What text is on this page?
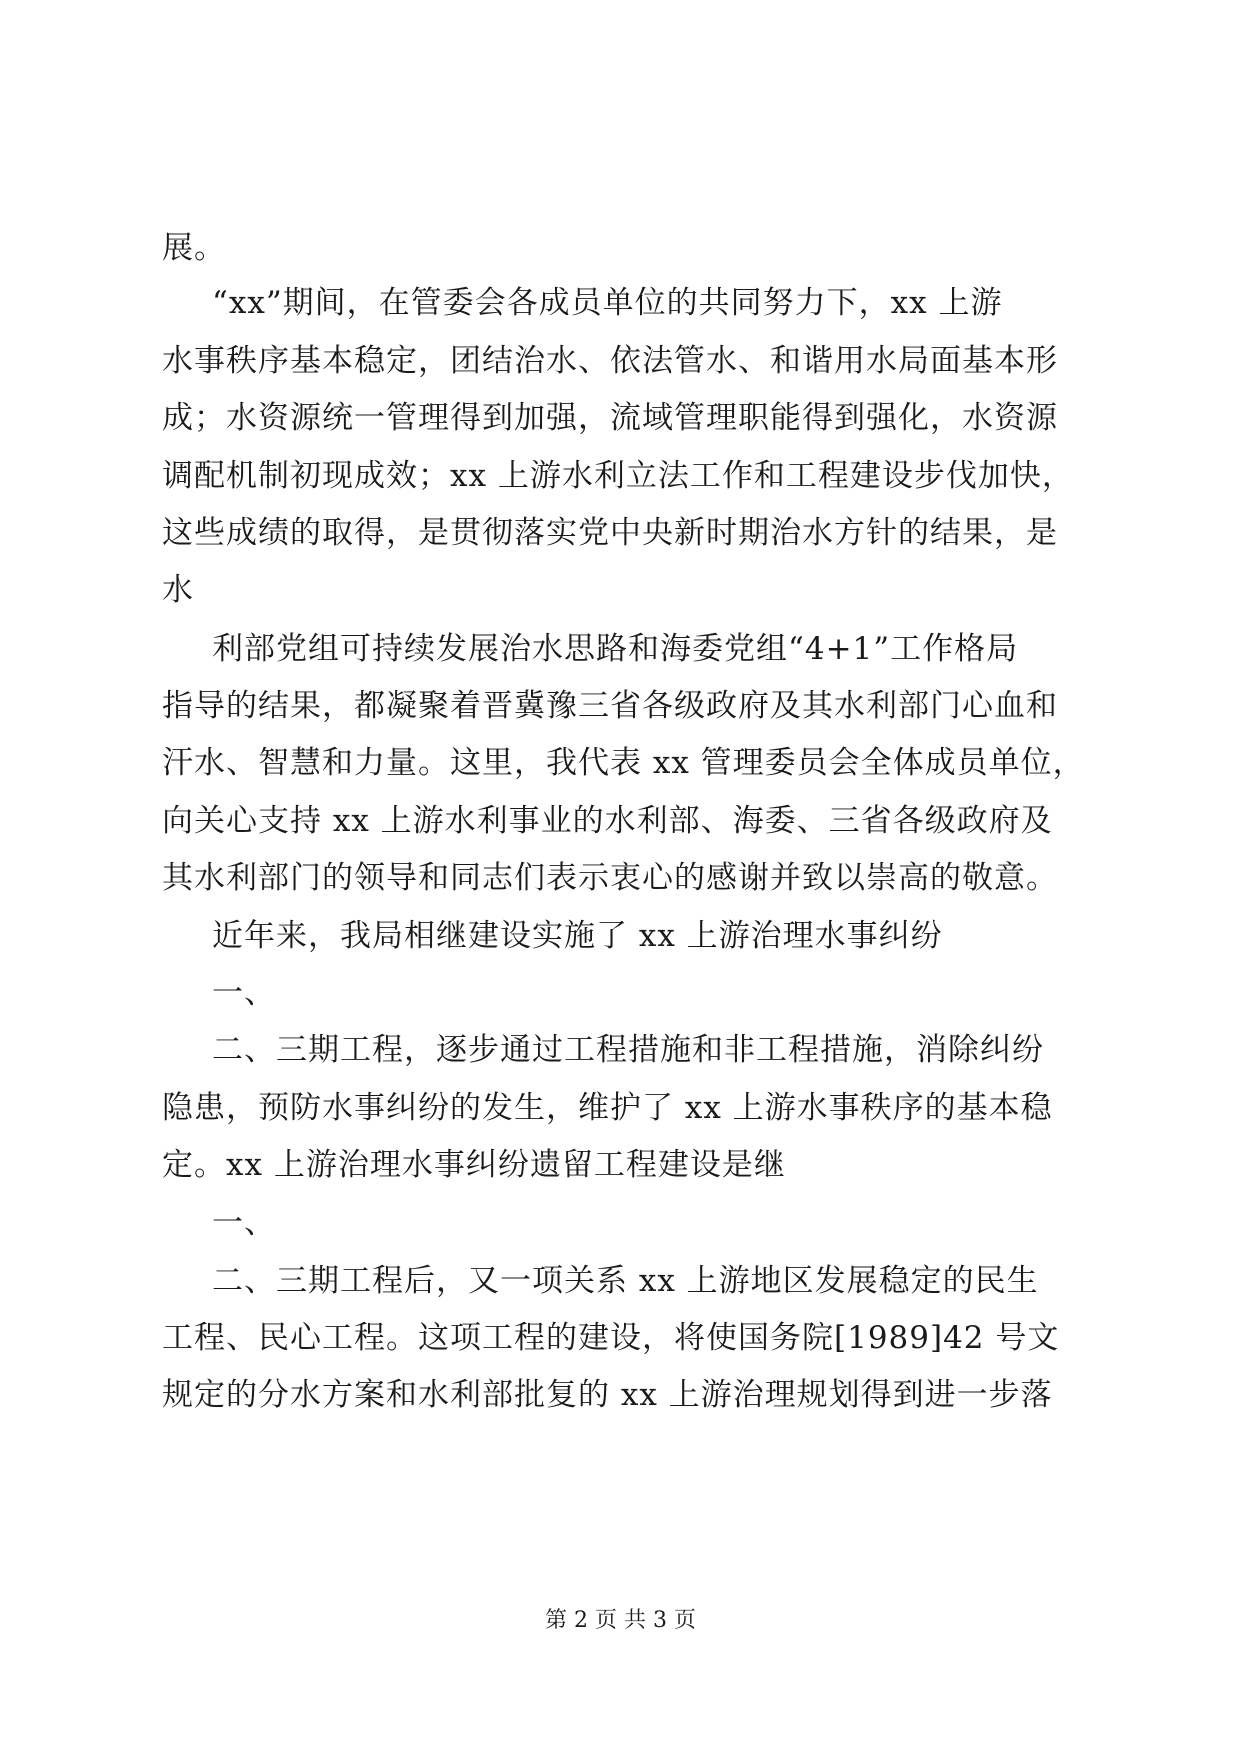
展。
“xx”期间，在管委会各成员单位的共同努力下，xx 上游
水事秩序基本稳定，团结治水、依法管水、和谐用水局面基本形
成；水资源统一管理得到加强，流域管理职能得到强化，水资源
调配机制初现成效；xx 上游水利立法工作和工程建设步伐加快，
这些成绩的取得，是贯彻落实党中央新时期治水方针的结果，是
水
利部党组可持续发展治水思路和海委党组“4+1”工作格局
指导的结果，都凝聚着晋冀豫三省各级政府及其水利部门心血和
汗水、智慧和力量。这里，我代表 xx 管理委员会全体成员单位，
向关心支持 xx 上游水利事业的水利部、海委、三省各级政府及
其水利部门的领导和同志们表示衷心的感谢并致以崇高的敬意。
近年来，我局相继建设实施了 xx 上游治理水事纠纷
一、
二、三期工程，逐步通过工程措施和非工程措施，消除纠纷
隐患，预防水事纠纷的发生，维护了 xx 上游水事秩序的基本稳
定。xx 上游治理水事纠纷遗留工程建设是继
一、
二、三期工程后，又一项关系 xx 上游地区发展稳定的民生
工程、民心工程。这项工程的建设，将使国务院[1989]42 号文
规定的分水方案和水利部批复的 xx 上游治理规划得到进一步落
第 2 页 共 3 页
